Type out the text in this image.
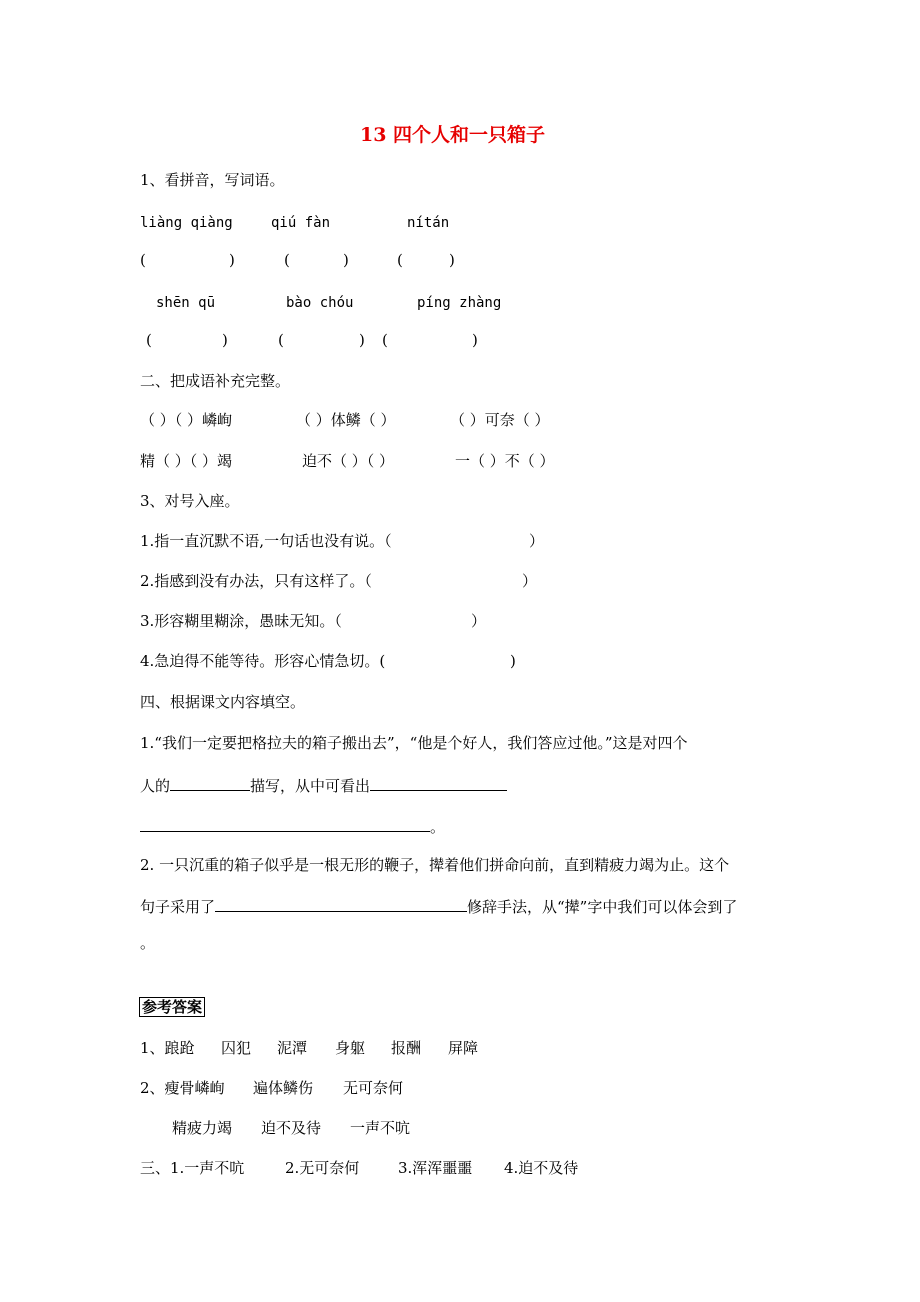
13 四个人和一只箱子
1、看拼音，写词语。
liàng qiàng	qiú fàn	nítán
(	)	(	)	(	)
shēn qū	bào chóu	píng zhàng
(	)	(	) (	)
二、把成语补充完整。
（ ）（ ）嶙峋	（ ）体鳞（ ）	（ ）可奈（ ）
精（ ）（ ）竭	迫不（ ）（ ）	一（ ）不（ ）
3、对号入座。
1.指一直沉默不语,一句话也没有说。（	）
2.指感到没有办法，只有这样了。（	）
3.形容糊里糊涂，愚昧无知。（	）
4.急迫得不能等待。形容心情急切。(	)
四、根据课文内容填空。
1.“我们一定要把格拉夫的箱子搬出去”，“他是个好人，我们答应过他。”这是对四个
人的	描写，从中可看出
。
2. 一只沉重的箱子似乎是一根无形的鞭子，撵着他们拼命向前，直到精疲力竭为止。这个
句子采用了	修辞手法，从“撵”字中我们可以体会到了
。
参考答案
1、踉跄 囚犯 泥潭 身躯 报酬 屏障
2、瘦骨嶙峋 遍体鳞伤 无可奈何
精疲力竭 迫不及待 一声不吭
三、1.一声不吭	2.无可奈何	3.浑浑噩噩 4.迫不及待
